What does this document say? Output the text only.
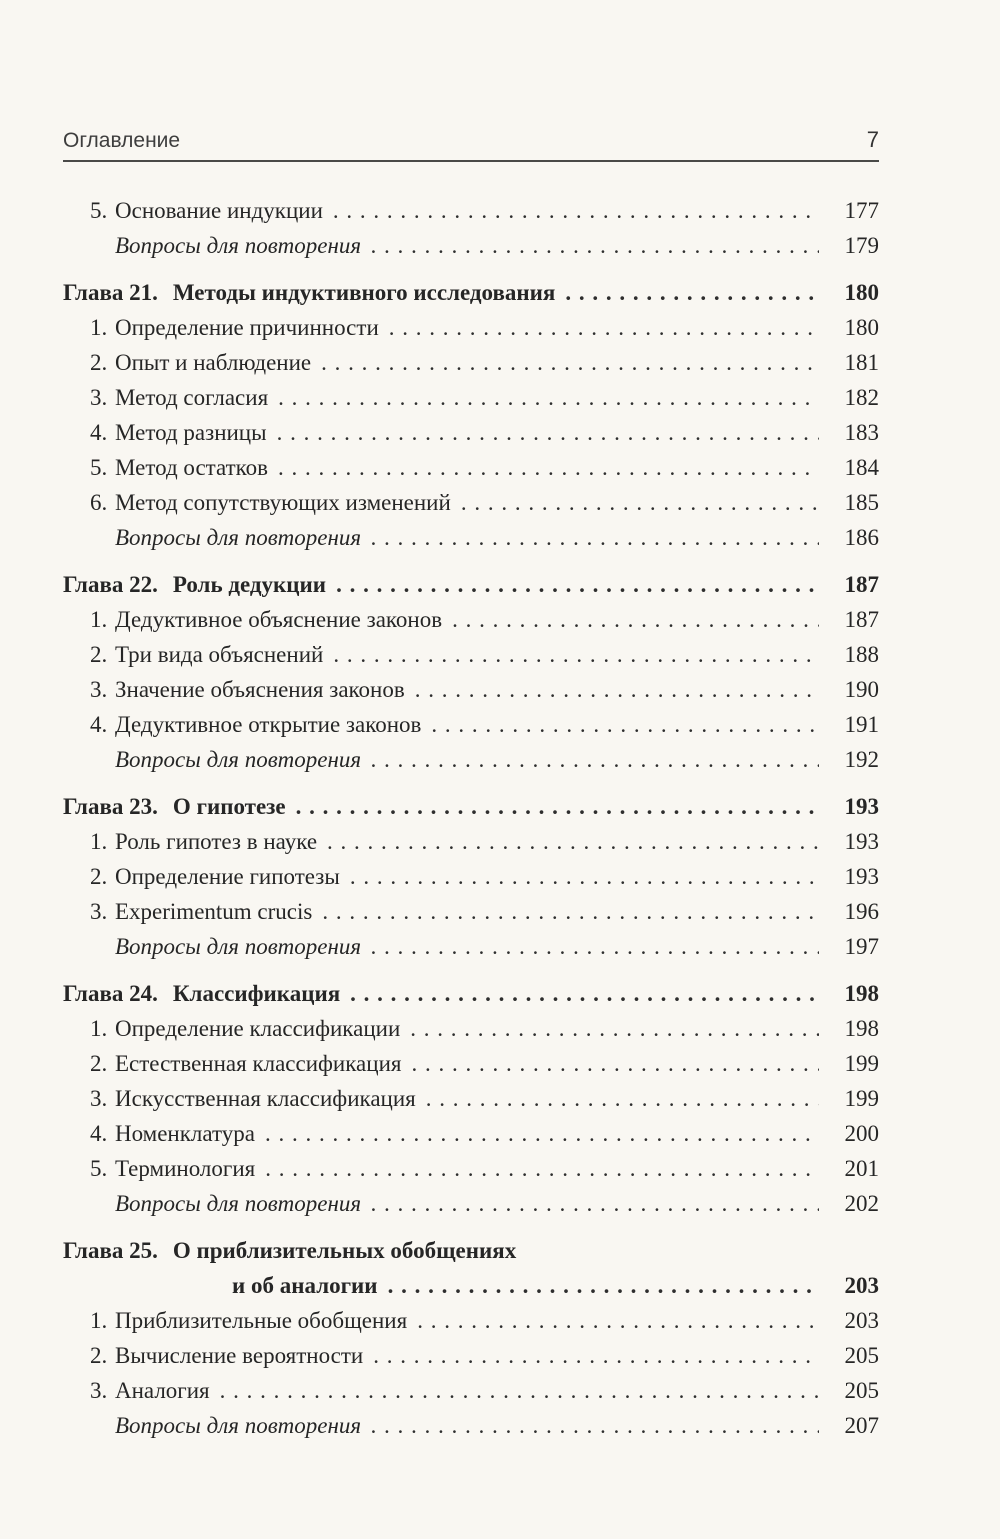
Оглавление	7
5. Основание индукции . . .	177
Вопросы для повторения . . .	179
Глава 21. Методы индуктивного исследования . . .	180
1. Определение причинности . . .	180
2. Опыт и наблюдение . . .	181
3. Метод согласия . . .	182
4. Метод разницы . . .	183
5. Метод остатков . . .	184
6. Метод сопутствующих изменений . . .	185
Вопросы для повторения . . .	186
Глава 22. Роль дедукции . . .	187
1. Дедуктивное объяснение законов . . .	187
2. Три вида объяснений . . .	188
3. Значение объяснения законов . . .	190
4. Дедуктивное открытие законов . . .	191
Вопросы для повторения . . .	192
Глава 23. О гипотезе . . .	193
1. Роль гипотез в науке . . .	193
2. Определение гипотезы . . .	193
3. Experimentum crucis . . .	196
Вопросы для повторения . . .	197
Глава 24. Классификация . . .	198
1. Определение классификации . . .	198
2. Естественная классификация . . .	199
3. Искусственная классификация . . .	199
4. Номенклатура . . .	200
5. Терминология . . .	201
Вопросы для повторения . . .	202
Глава 25. О приблизительных обобщениях
и об аналогии . . .	203
1. Приблизительные обобщения . . .	203
2. Вычисление вероятности . . .	205
3. Аналогия . . .	205
Вопросы для повторения . . .	207
